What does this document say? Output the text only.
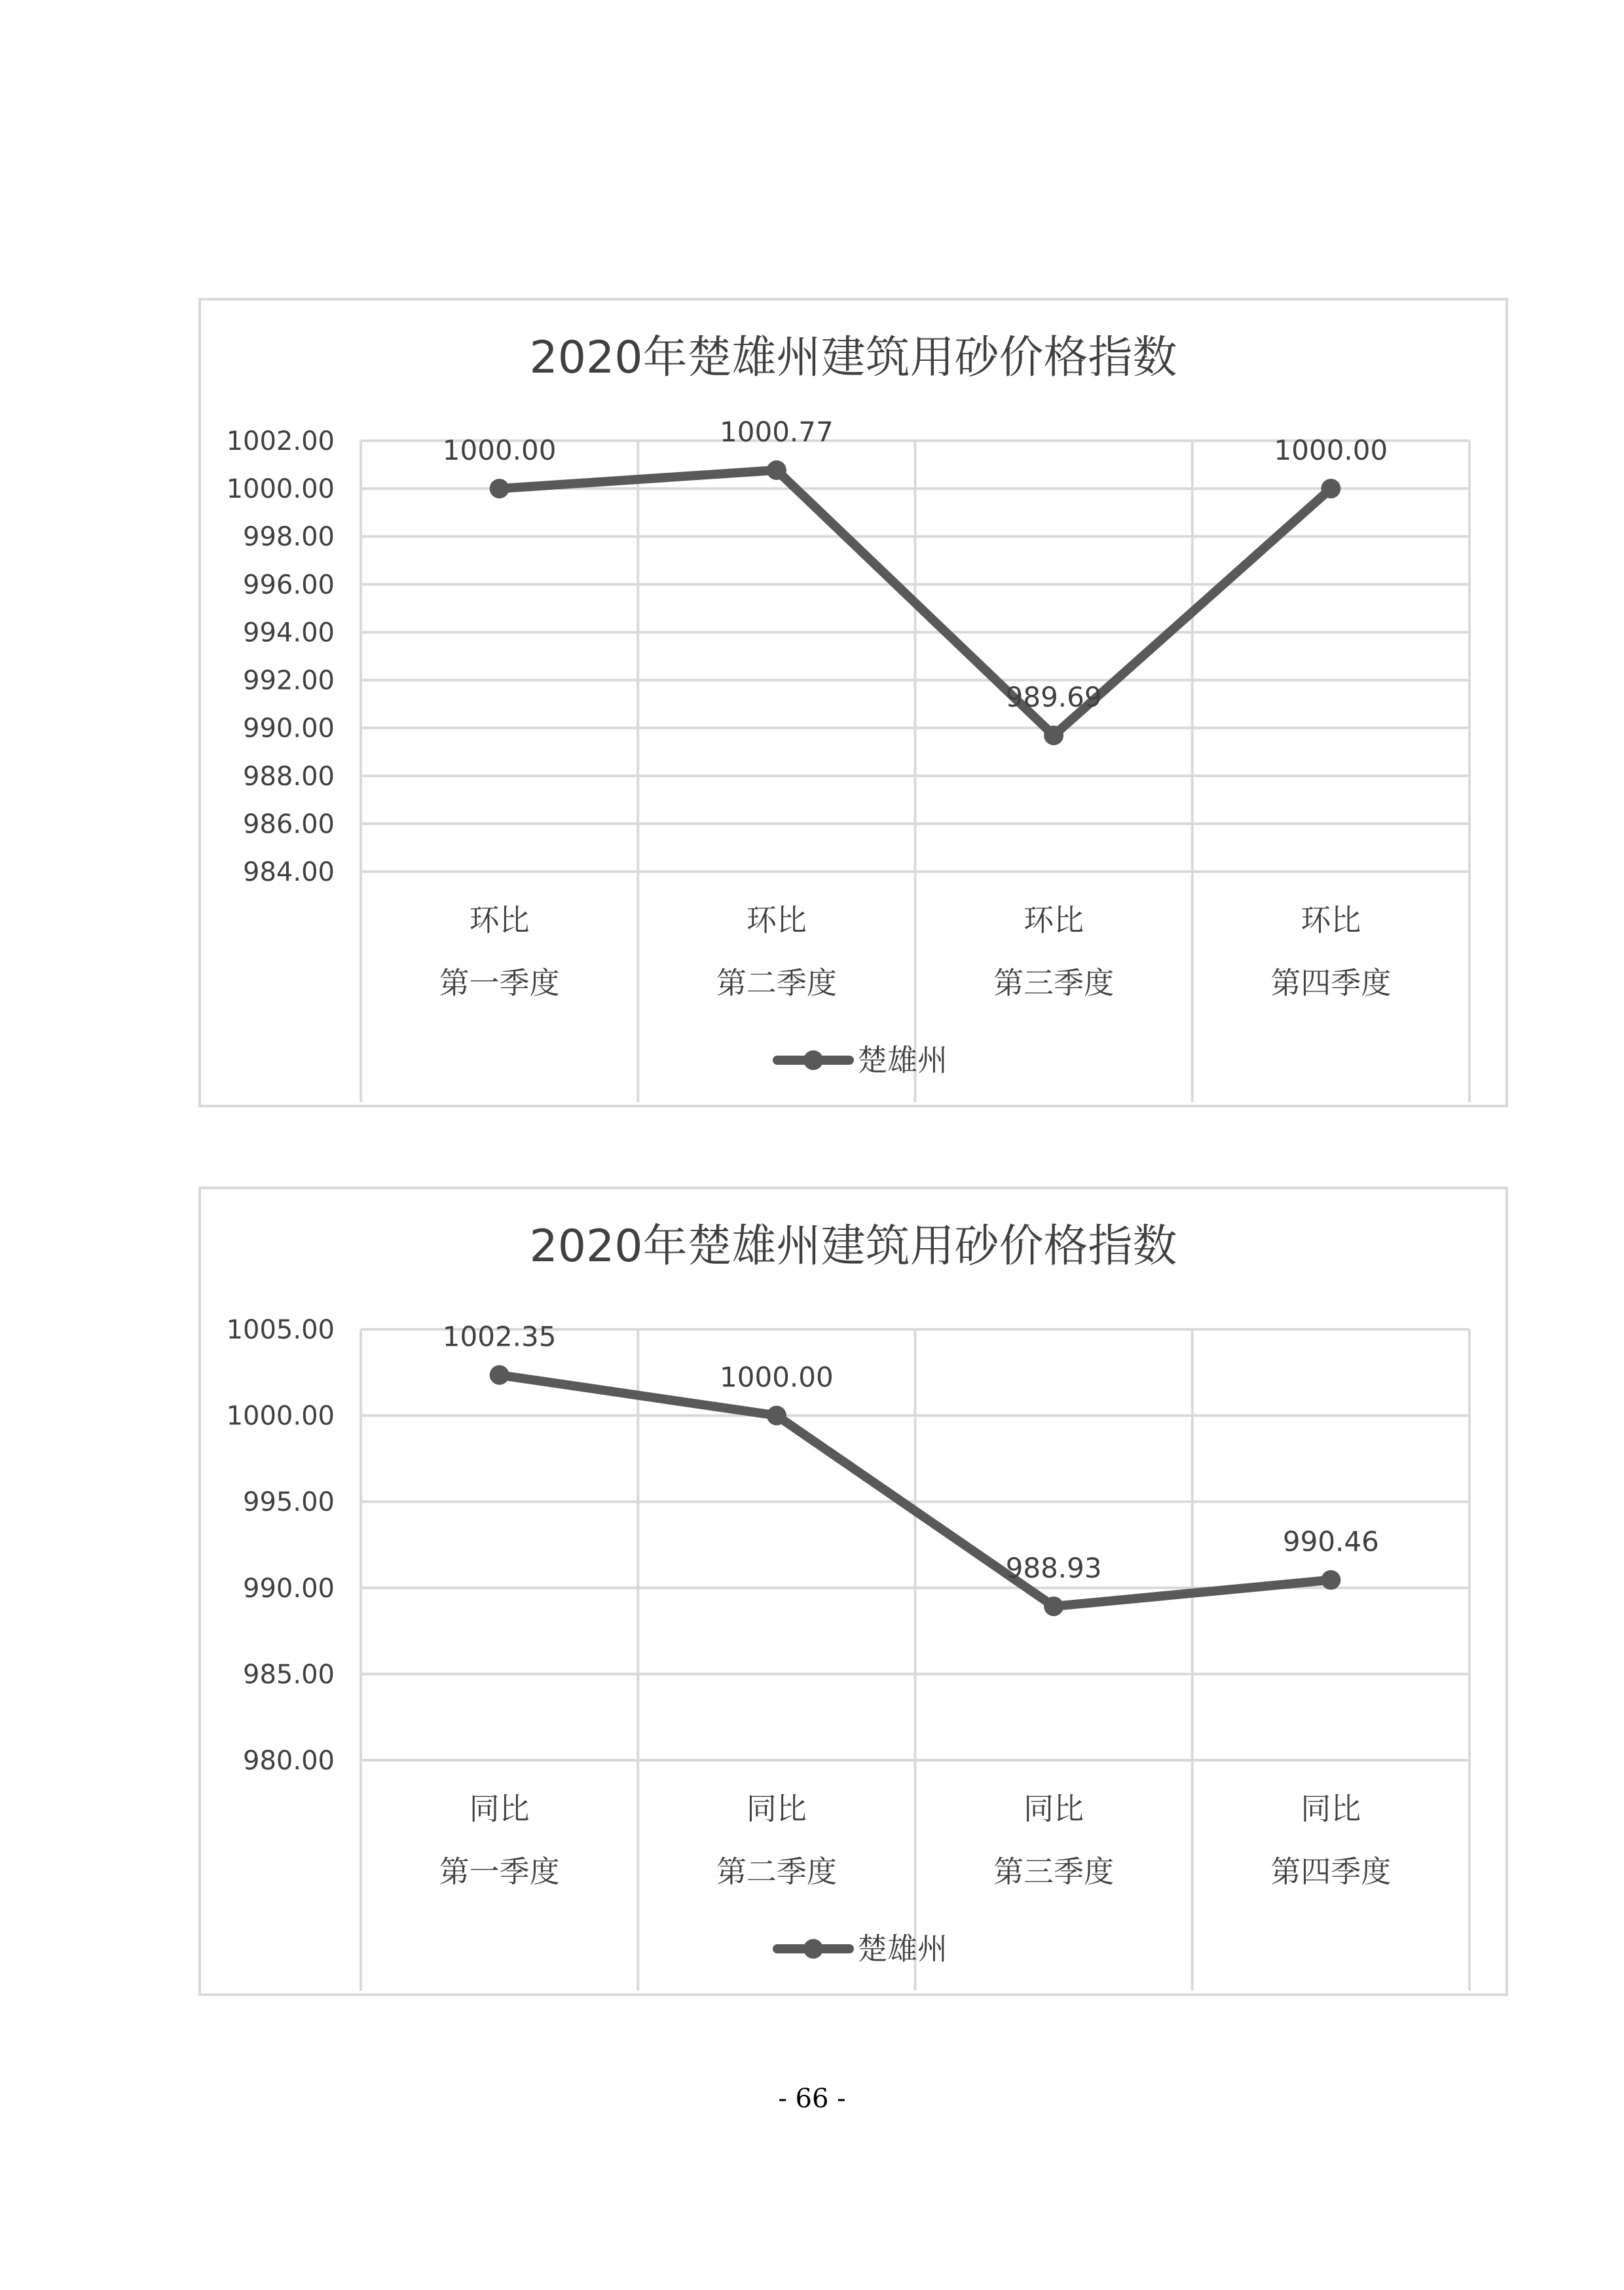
2020年楚雄州建筑用砂价格指数
984.00
986.00
988.00
990.00
992.00
994.00
996.00
998.00
1000.00
1002.00
环比
第一季度
环比
第二季度
环比
第三季度
环比
第四季度
1000.00
1000.77
989.69
1000.00
楚雄州
2020年楚雄州建筑用砂价格指数
980.00
985.00
990.00
995.00
1000.00
1005.00
同比
第一季度
同比
第二季度
同比
第三季度
同比
第四季度
1002.35
1000.00
988.93
990.46
楚雄州
- 66 -
